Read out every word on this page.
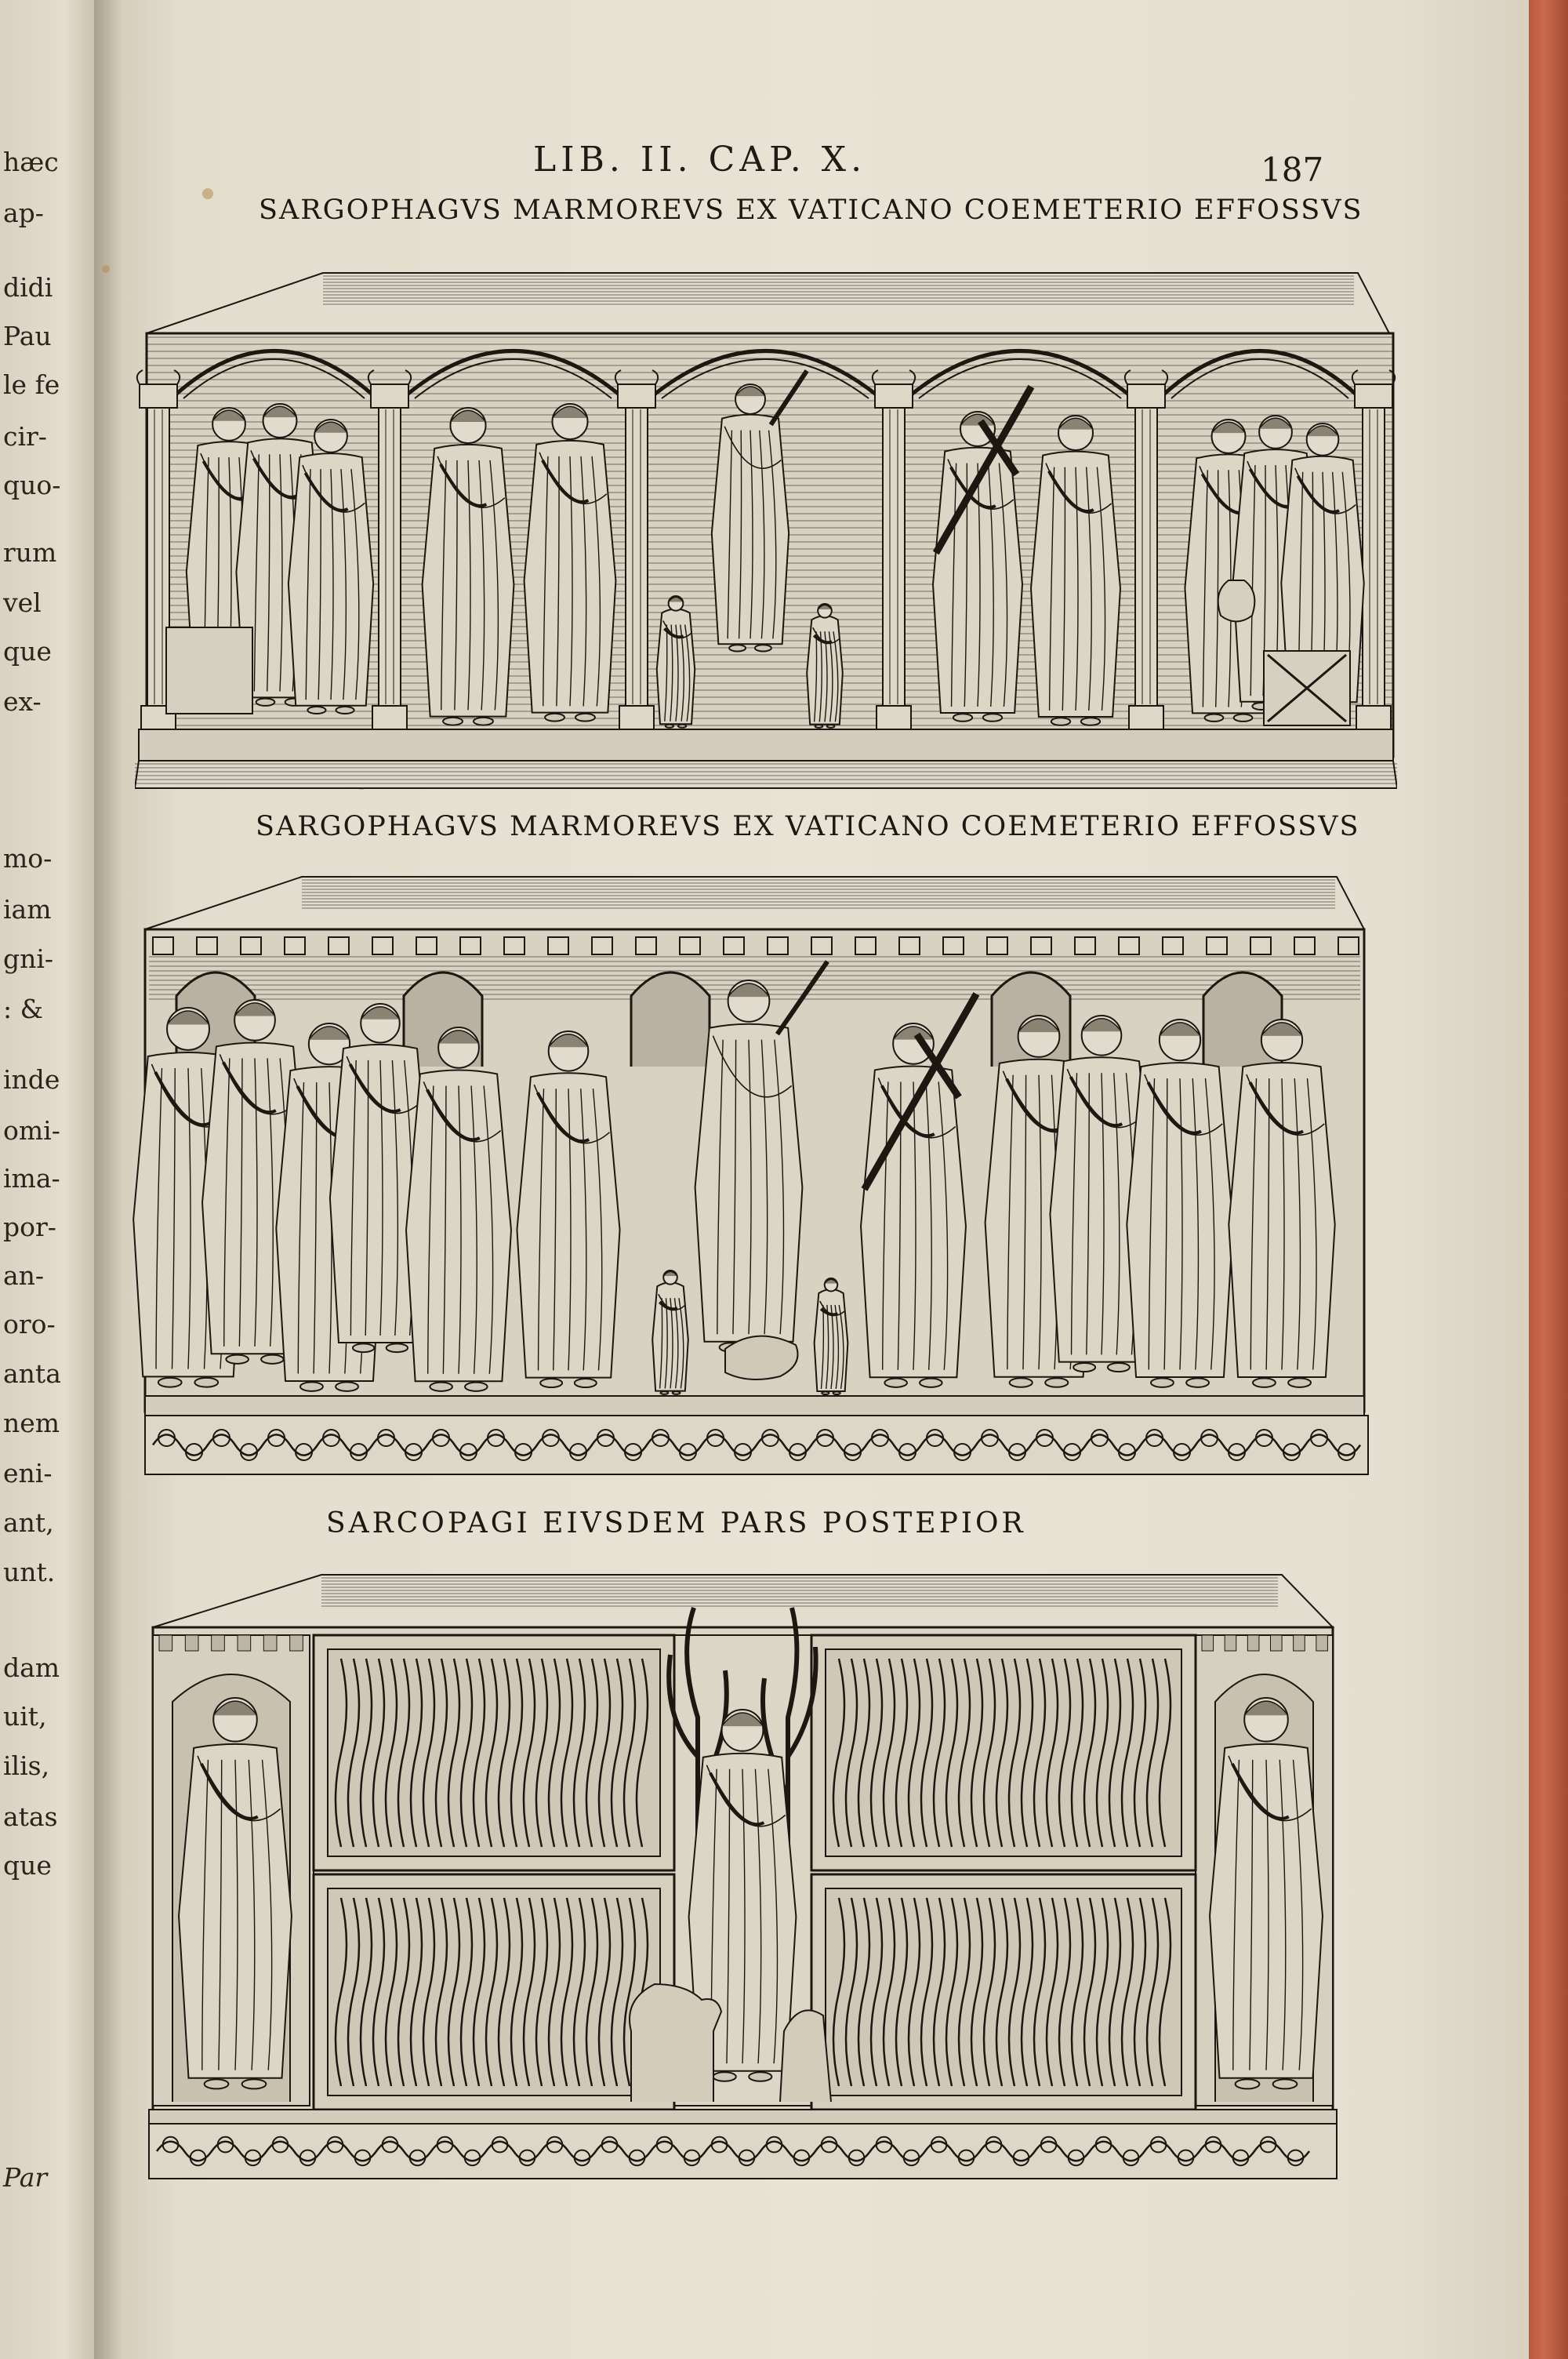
hæc
ap-
didi
Pau
le fe
cir-
quo-
rum
vel
que
ex-
mo-
iam
gni-
: &
inde
omi-
ima-
por-
an-
oro-
anta
nem
eni-
ant,
unt.
dam
uit,
ilis,
atas
que
Par
LIB. II. CAP. X.	187
SARGOPHAGVS MARMOREVS EX VATICANO COEMETERIO EFFOSSVS
SARGOPHAGVS MARMOREVS EX VATICANO COEMETERIO EFFOSSVS
SARCOPAGI EIVSDEM PARS POSTEPIOR
